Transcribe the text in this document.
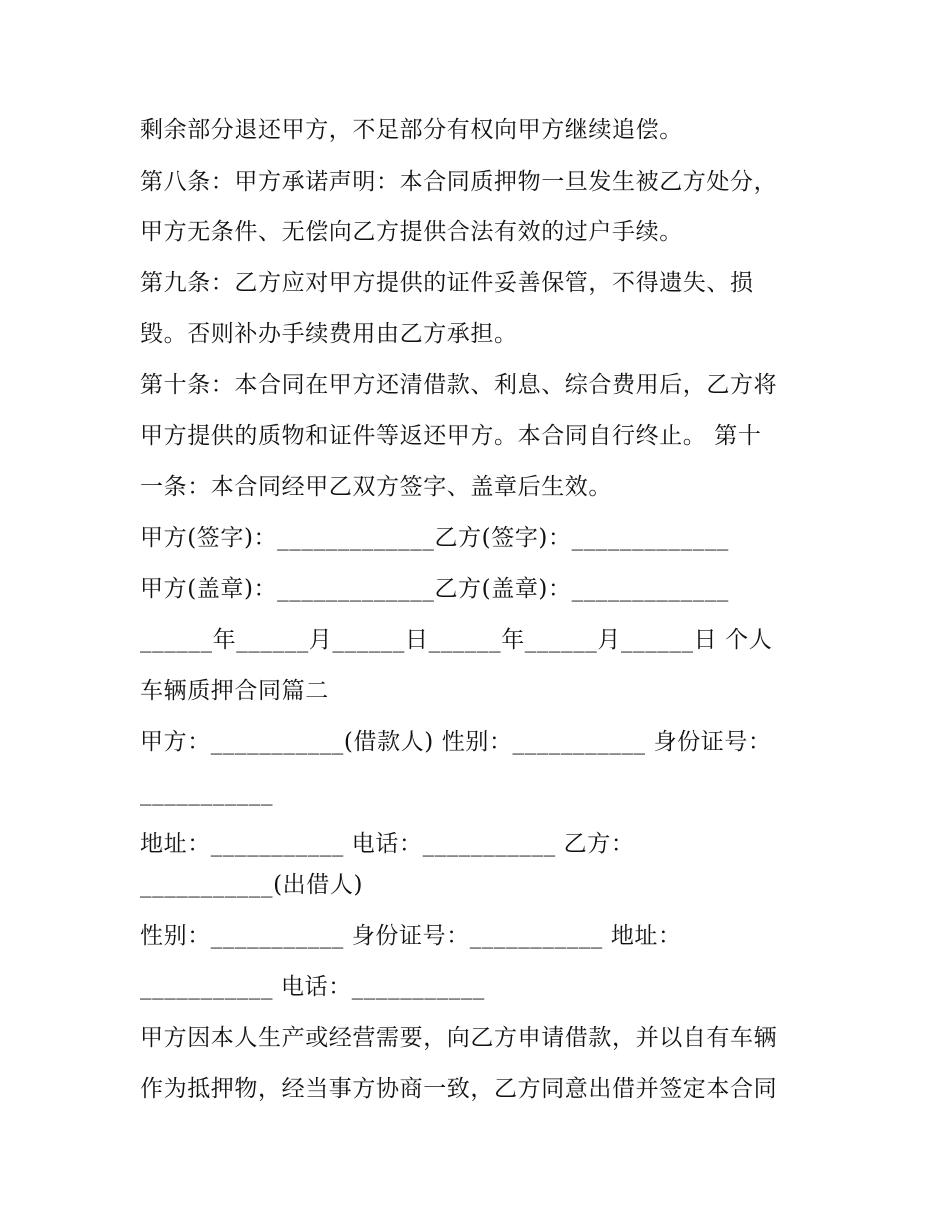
剩余部分退还甲方，不足部分有权向甲方继续追偿。
第八条：甲方承诺声明：本合同质押物一旦发生被乙方处分，
甲方无条件、无偿向乙方提供合法有效的过户手续。
第九条：乙方应对甲方提供的证件妥善保管，不得遗失、损
毁。否则补办手续费用由乙方承担。
第十条：本合同在甲方还清借款、利息、综合费用后，乙方将
甲方提供的质物和证件等返还甲方。本合同自行终止。 第十
一条：本合同经甲乙双方签字、盖章后生效。
甲方(签字)：_____________乙方(签字)：_____________
甲方(盖章)：_____________乙方(盖章)：_____________
______年______月______日______年______月______日 个人
车辆质押合同篇二
甲方：___________(借款人) 性别：___________ 身份证号：
___________
地址：___________ 电话：___________ 乙方：
___________(出借人)
性别：___________ 身份证号：___________ 地址：
___________ 电话：___________
甲方因本人生产或经营需要，向乙方申请借款，并以自有车辆
作为抵押物，经当事方协商一致，乙方同意出借并签定本合同
